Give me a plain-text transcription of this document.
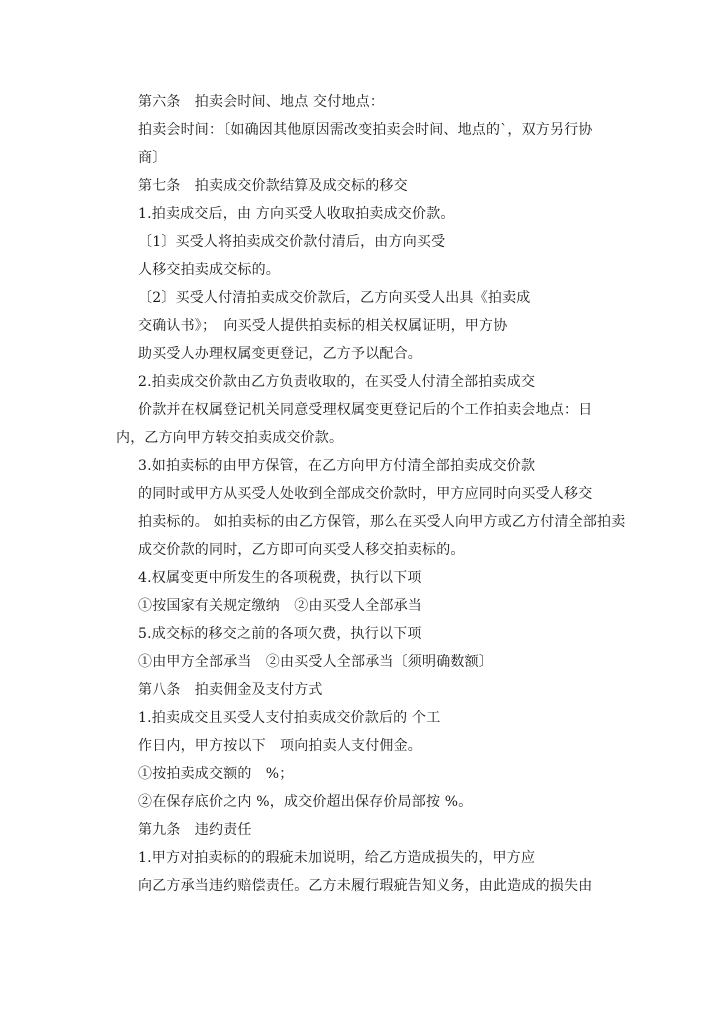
第六条　拍卖会时间、地点 交付地点：
拍卖会时间：〔如确因其他原因需改变拍卖会时间、地点的`，双方另行协
商〕
第七条　拍卖成交价款结算及成交标的移交
1.拍卖成交后，由 方向买受人收取拍卖成交价款。
〔1〕买受人将拍卖成交价款付清后，由方向买受
人移交拍卖成交标的。
〔2〕买受人付清拍卖成交价款后，乙方向买受人出具《拍卖成
交确认书》；　向买受人提供拍卖标的相关权属证明，甲方协
助买受人办理权属变更登记，乙方予以配合。
2.拍卖成交价款由乙方负责收取的，在买受人付清全部拍卖成交
价款并在权属登记机关同意受理权属变更登记后的个工作拍卖会地点：日
内，乙方向甲方转交拍卖成交价款。
3.如拍卖标的由甲方保管，在乙方向甲方付清全部拍卖成交价款
的同时或甲方从买受人处收到全部成交价款时，甲方应同时向买受人移交
拍卖标的。 如拍卖标的由乙方保管，那么在买受人向甲方或乙方付清全部拍卖
成交价款的同时，乙方即可向买受人移交拍卖标的。
4.权属变更中所发生的各项税费，执行以下项
①按国家有关规定缴纳　②由买受人全部承当
5.成交标的移交之前的各项欠费，执行以下项
①由甲方全部承当　②由买受人全部承当〔须明确数额〕
第八条　拍卖佣金及支付方式
1.拍卖成交且买受人支付拍卖成交价款后的 个工
作日内，甲方按以下　项向拍卖人支付佣金。
①按拍卖成交额的　%；
②在保存底价之内 %，成交价超出保存价局部按 %。
第九条　违约责任
1.甲方对拍卖标的的瑕疵未加说明，给乙方造成损失的，甲方应
向乙方承当违约赔偿责任。乙方未履行瑕疵告知义务，由此造成的损失由
